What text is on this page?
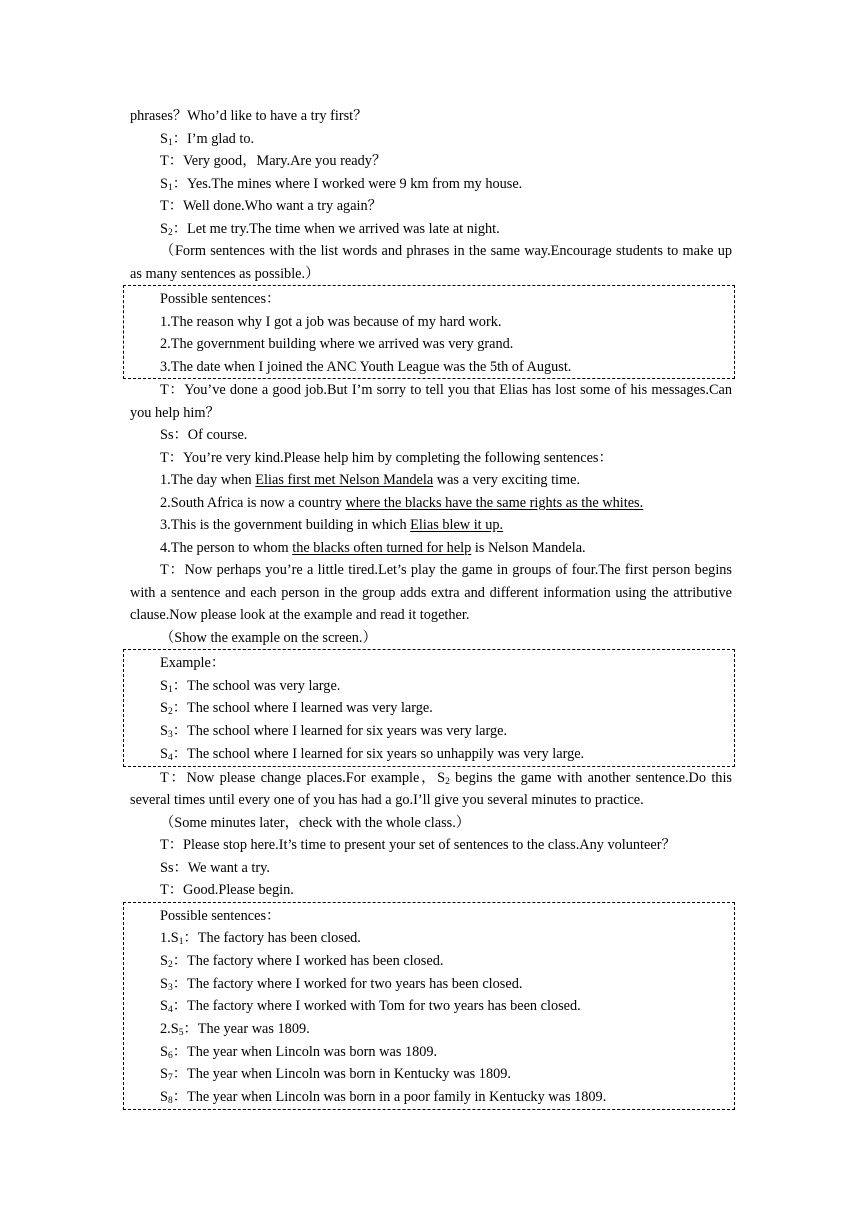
phrases？Who’d like to have a try first？

$S_1$：I’m glad to.

T：Very good，Mary.Are you ready？

$S_1$：Yes.The mines where I worked were 9 km from my house.

T：Well done.Who want a try again？

$S_2$：Let me try.The time when we arrived was late at night.

（Form sentences with the list words and phrases in the same way.Encourage students to make up as many sentences as possible.）

Possible sentences：

1.The reason why I got a job was because of my hard work.

2.The government building where we arrived was very grand.

3.The date when I joined the ANC Youth League was the 5th of August.

T：You’ve done a good job.But I’m sorry to tell you that Elias has lost some of his messages.Can you help him？

Ss：Of course.

T：You’re very kind.Please help him by completing the following sentences：

1.The day when Elias first met Nelson Mandela was a very exciting time.

2.South Africa is now a country where the blacks have the same rights as the whites.

3.This is the government building in which Elias blew it up.

4.The person to whom the blacks often turned for help is Nelson Mandela.

T：Now perhaps you’re a little tired.Let’s play the game in groups of four.The first person begins with a sentence and each person in the group adds extra and different information using the attributive clause.Now please look at the example and read it together.

（Show the example on the screen.）

Example：

$S_1$：The school was very large.

$S_2$：The school where I learned was very large.

$S_3$：The school where I learned for six years was very large.

$S_4$：The school where I learned for six years so unhappily was very large.

T：Now please change places.For example，$S_2$ begins the game with another sentence.Do this several times until every one of you has had a go.I’ll give you several minutes to practice.

（Some minutes later，check with the whole class.）

T：Please stop here.It’s time to present your set of sentences to the class.Any volunteer？

Ss：We want a try.

T：Good.Please begin.

Possible sentences：

$1.S_1$：The factory has been closed.

$S_2$：The factory where I worked has been closed.

$S_3$：The factory where I worked for two years has been closed.

$S_4$：The factory where I worked with Tom for two years has been closed.

$2.S_5$：The year was 1809.

$S_6$：The year when Lincoln was born was 1809.

$S_7$：The year when Lincoln was born in Kentucky was 1809.

$S_8$：The year when Lincoln was born in a poor family in Kentucky was 1809.
